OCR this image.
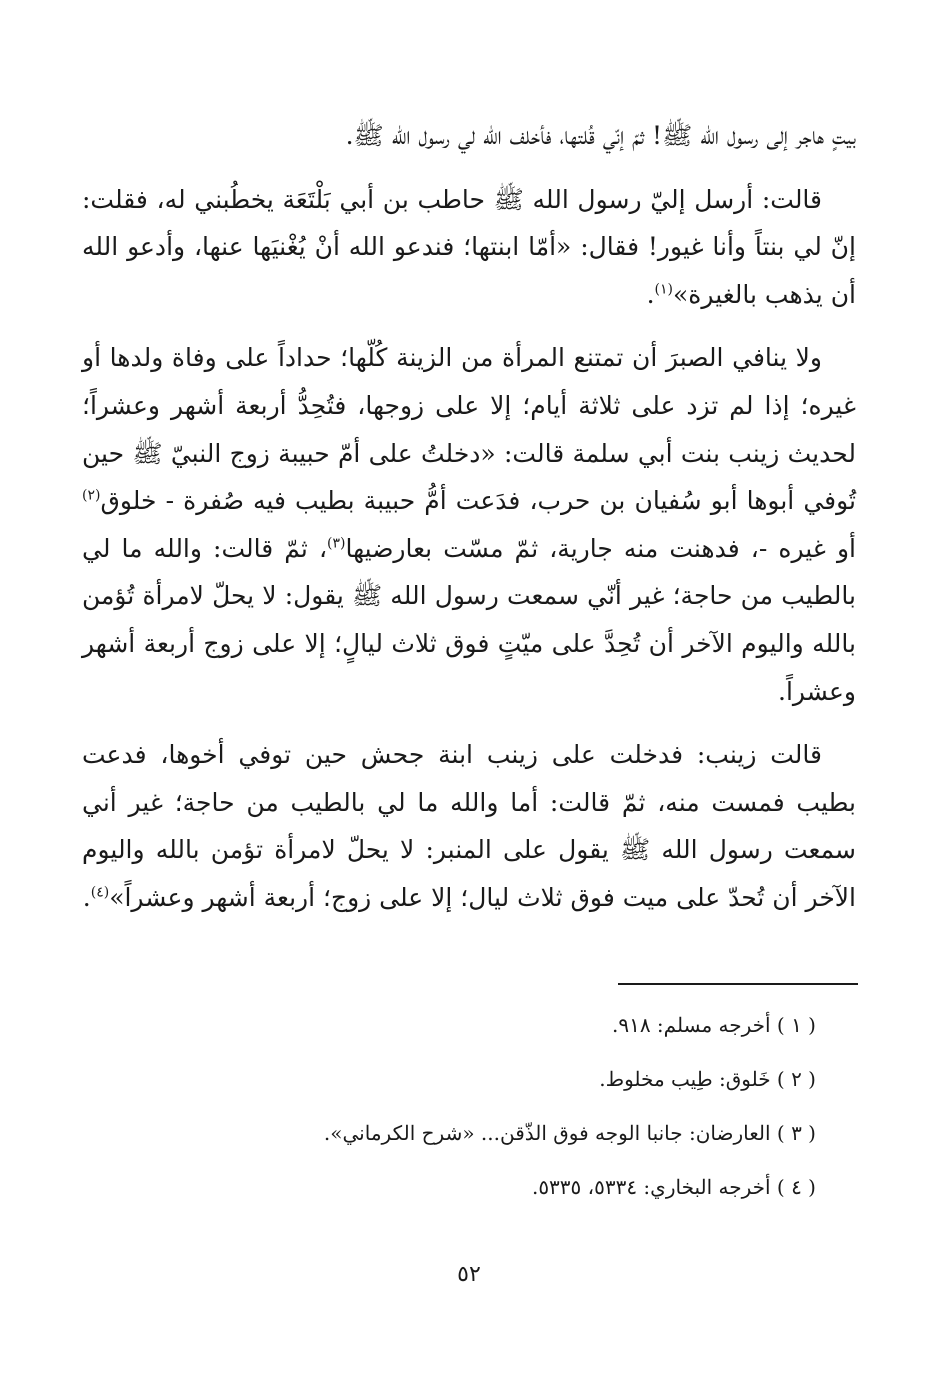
بيتٍ هاجر إلى رسول الله ﷺ! ثمّ إنّي قُلتها، فأخلف الله لي رسول الله ﷺ.

قالت: أرسل إليّ رسول الله ﷺ حاطب بن أبي بَلْتَعَة يخطُبني له، فقلت: إنّ لي بنتاً وأنا غيور! فقال: «أمّا ابنتها؛ فندعو الله أنْ يُغْنيَها عنها، وأدعو الله أن يذهب بالغيرة»$^{(١)}$.

ولا ينافي الصبرَ أن تمتنع المرأة من الزينة كُلّها؛ حداداً على وفاة ولدها أو غيره؛ إذا لم تزد على ثلاثة أيام؛ إلا على زوجها، فتُحِدُّ أربعة أشهر وعشراً؛ لحديث زينب بنت أبي سلمة قالت: «دخلتُ على أمّ حبيبة زوج النبيّ ﷺ حين تُوفي أبوها أبو سُفيان بن حرب، فدَعت أمُّ حبيبة بطيب فيه صُفرة - خلوق$^{(٢)}$ أو غيره -، فدهنت منه جارية، ثمّ مسّت بعارضيها$^{(٣)}$، ثمّ قالت: والله ما لي بالطيب من حاجة؛ غير أنّي سمعت رسول الله ﷺ يقول: لا يحلّ لامرأة تُؤمن بالله واليوم الآخر أن تُحِدَّ على ميّتٍ فوق ثلاث ليالٍ؛ إلا على زوج أربعة أشهر وعشراً.

قالت زينب: فدخلت على زينب ابنة جحش حين توفي أخوها، فدعت بطيب فمست منه، ثمّ قالت: أما والله ما لي بالطيب من حاجة؛ غير أني سمعت رسول الله ﷺ يقول على المنبر: لا يحلّ لامرأة تؤمن بالله واليوم الآخر أن تُحدّ على ميت فوق ثلاث ليال؛ إلا على زوج؛ أربعة أشهر وعشراً»$^{(٤)}$.

( ١ ) أخرجه مسلم: ٩١٨.

( ٢ ) خَلوق: طِيب مخلوط.

( ٣ ) العارضان: جانبا الوجه فوق الذّقن... «شرح الكرماني».

( ٤ ) أخرجه البخاري: ٥٣٣٤، ٥٣٣٥.

٥٢
